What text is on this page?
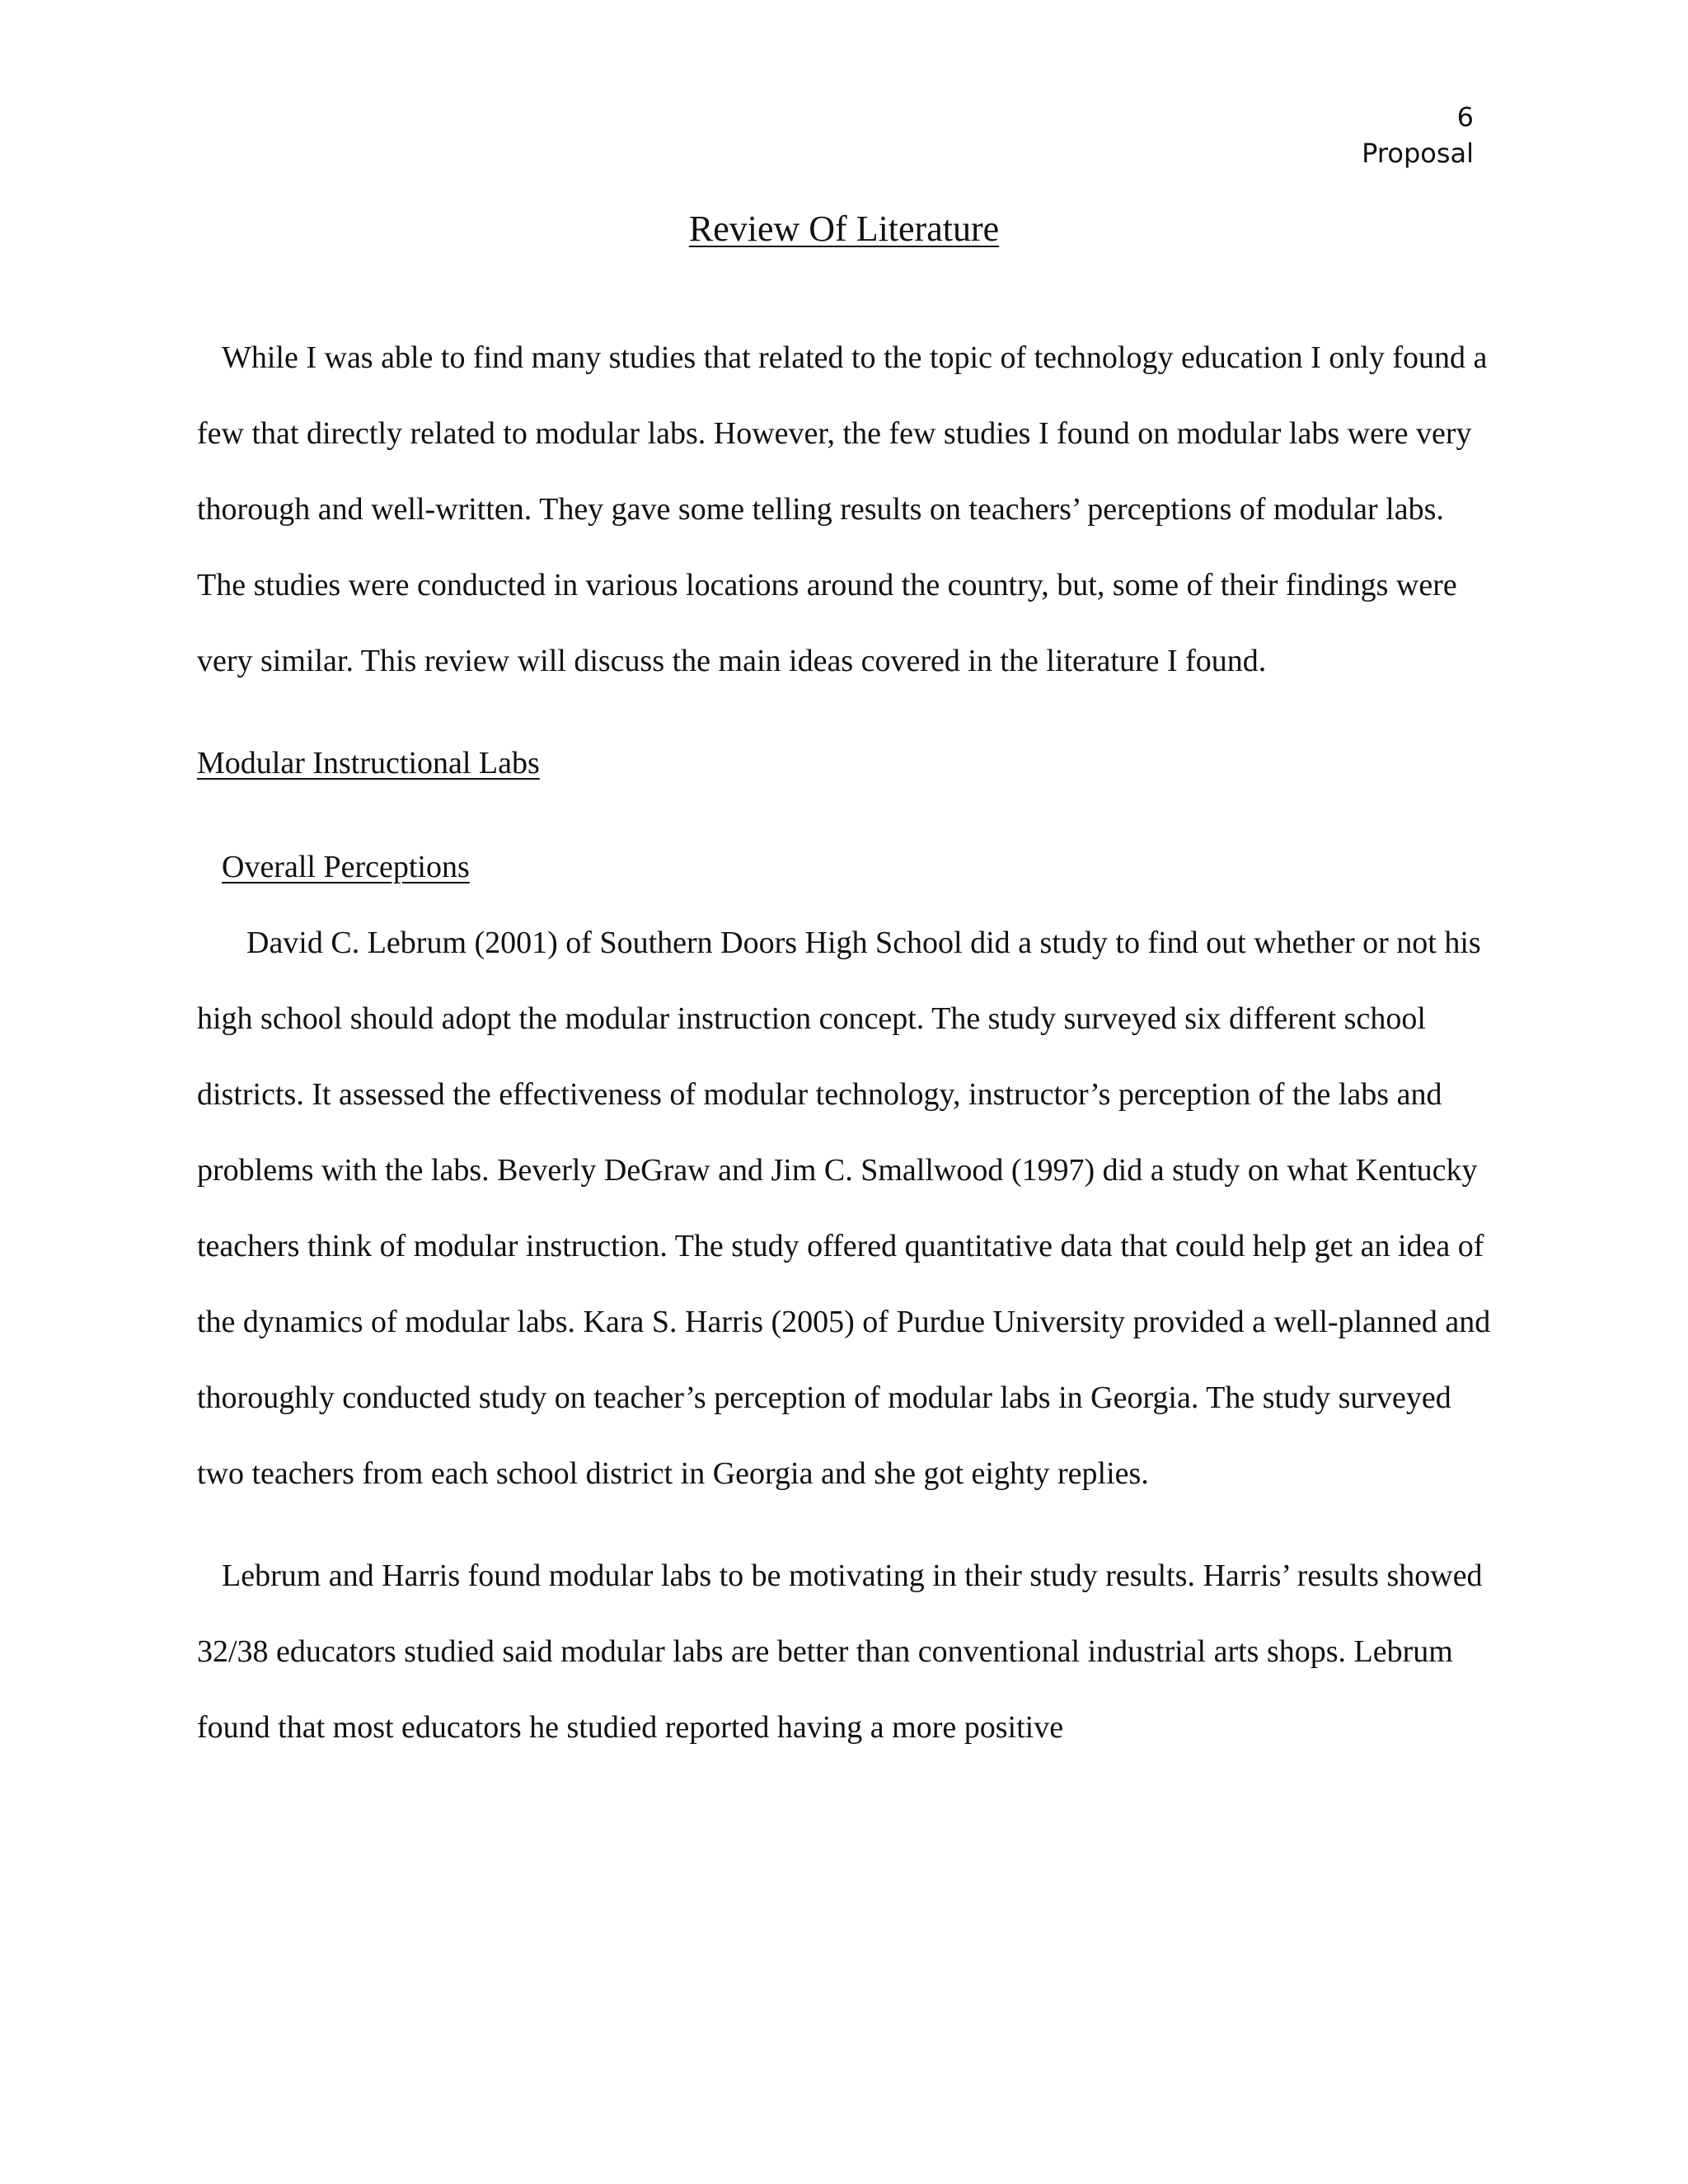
6
Proposal
Review Of Literature

While I was able to find many studies that related to the topic of technology education I only found a few that directly related to modular labs. However, the few studies I found on modular labs were very thorough and well-written. They gave some telling results on teachers’ perceptions of modular labs. The studies were conducted in various locations around the country, but, some of their findings were very similar. This review will discuss the main ideas covered in the literature I found.

Modular Instructional Labs
Overall Perceptions

David C. Lebrum (2001) of Southern Doors High School did a study to find out whether or not his high school should adopt the modular instruction concept. The study surveyed six different school districts. It assessed the effectiveness of modular technology, instructor’s perception of the labs and problems with the labs. Beverly DeGraw and Jim C. Smallwood (1997) did a study on what Kentucky teachers think of modular instruction. The study offered quantitative data that could help get an idea of the dynamics of modular labs. Kara S. Harris (2005) of Purdue University provided a well-planned and thoroughly conducted study on teacher’s perception of modular labs in Georgia. The study surveyed two teachers from each school district in Georgia and she got eighty replies.

Lebrum and Harris found modular labs to be motivating in their study results. Harris’ results showed 32/38 educators studied said modular labs are better than conventional industrial arts shops. Lebrum found that most educators he studied reported having a more positive
